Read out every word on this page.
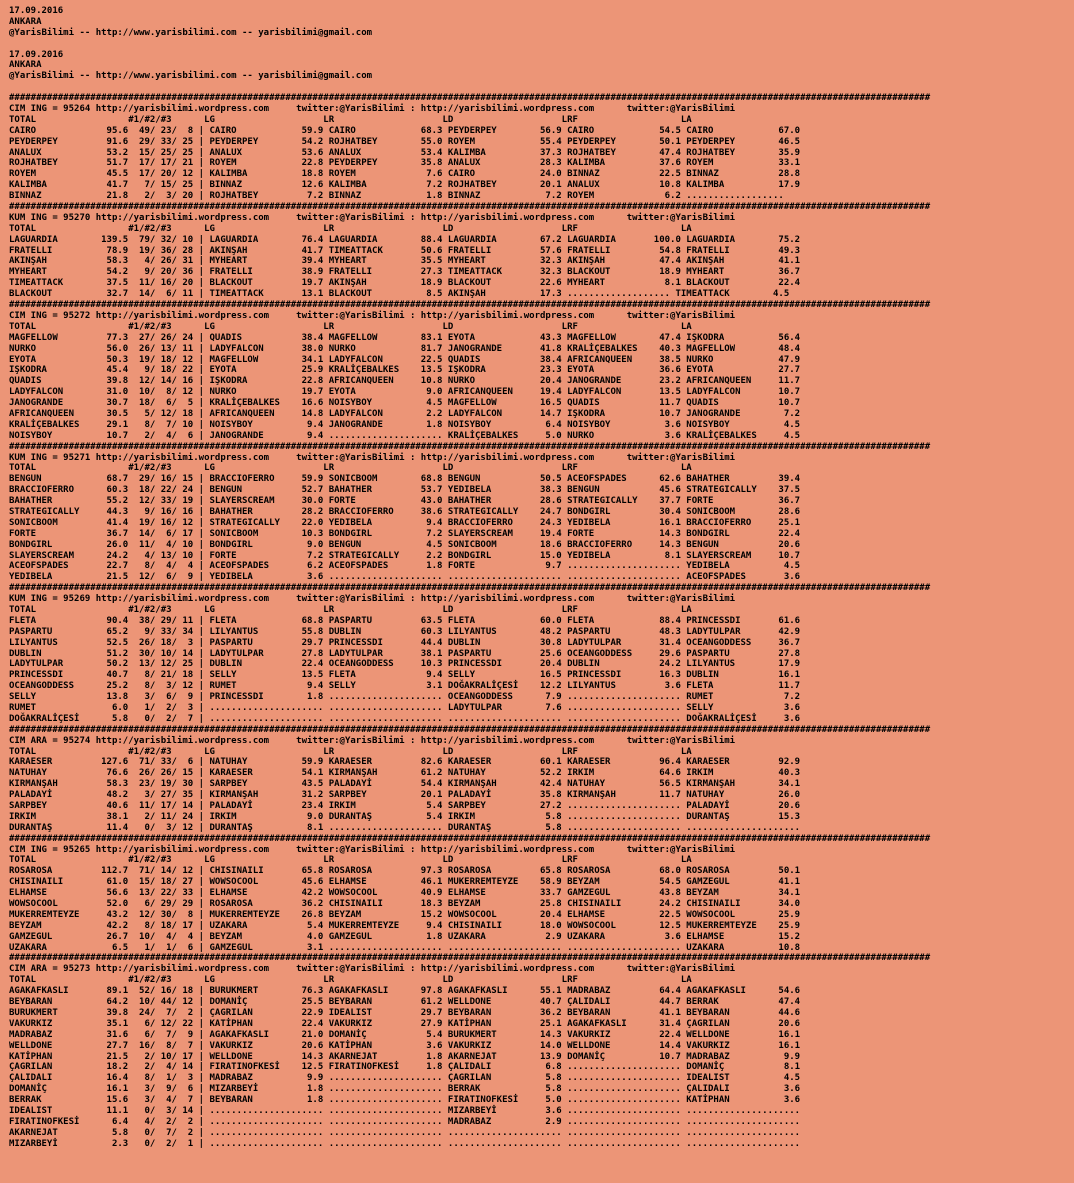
17.09.2016
ANKARA
@YarisBilimi -- http://www.yarisbilimi.com -- yarisbilimi@gmail.com

17.09.2016
ANKARA
@YarisBilimi -- http://www.yarisbilimi.com -- yarisbilimi@gmail.com

##########################################################################################################################################################################
CIM ING = 95264 http://yarisbilimi.wordpress.com     twitter:@YarisBilimi : http://yarisbilimi.wordpress.com      twitter:@YarisBilimi
TOTAL                 #1/#2/#3      LG                    LR                    LD                    LRF                   LA
CAIRO             95.6  49/ 23/  8 | CAIRO            59.9 CAIRO            68.3 PEYDERPEY        56.9 CAIRO            54.5 CAIRO            67.0
PEYDERPEY         91.6  29/ 33/ 25 | PEYDERPEY        54.2 ROJHATBEY        55.0 ROYEM            55.4 PEYDERPEY        50.1 PEYDERPEY        46.5
ANALUX            53.2  15/ 25/ 25 | ANALUX           53.6 ANALUX           53.4 KALIMBA          37.3 ROJHATBEY        47.4 ROJHATBEY        35.9
ROJHATBEY         51.7  17/ 17/ 21 | ROYEM            22.8 PEYDERPEY        35.8 ANALUX           28.3 KALIMBA          37.6 ROYEM            33.1
ROYEM             45.5  17/ 20/ 12 | KALIMBA          18.8 ROYEM             7.6 CAIRO            24.0 BINNAZ           22.5 BINNAZ           28.8
KALIMBA           41.7   7/ 15/ 25 | BINNAZ           12.6 KALIMBA           7.2 ROJHATBEY        20.1 ANALUX           10.8 KALIMBA          17.9
BINNAZ            21.8   2/  3/ 20 | ROJHATBEY         7.2 BINNAZ            1.8 BINNAZ            7.2 ROYEM             6.2 ..................
##########################################################################################################################################################################
KUM ING = 95270 http://yarisbilimi.wordpress.com     twitter:@YarisBilimi : http://yarisbilimi.wordpress.com      twitter:@YarisBilimi
TOTAL                 #1/#2/#3      LG                    LR                    LD                    LRF                   LA
LAGUARDIA        139.5  79/ 32/ 10 | LAGUARDIA        76.4 LAGUARDIA        88.4 LAGUARDIA        67.2 LAGUARDIA       100.0 LAGUARDIA        75.2
FRATELLI          78.9  19/ 36/ 28 | AKINŞAH          41.7 TIMEATTACK       50.6 FRATELLI         57.6 FRATELLI         54.8 FRATELLI         49.3
AKINŞAH           58.3   4/ 26/ 31 | MYHEART          39.4 MYHEART          35.5 MYHEART          32.3 AKINŞAH          47.4 AKINŞAH          41.1
MYHEART           54.2   9/ 20/ 36 | FRATELLI         38.9 FRATELLI         27.3 TIMEATTACK       32.3 BLACKOUT         18.9 MYHEART          36.7
TIMEATTACK        37.5  11/ 16/ 20 | BLACKOUT         19.7 AKINŞAH          18.9 BLACKOUT         22.6 MYHEART           8.1 BLACKOUT         22.4
BLACKOUT          32.7  14/  6/ 11 | TIMEATTACK       13.1 BLACKOUT          8.5 AKINŞAH          17.3 ................... TIMEATTACK        4.5
##########################################################################################################################################################################
CIM ING = 95272 http://yarisbilimi.wordpress.com     twitter:@YarisBilimi : http://yarisbilimi.wordpress.com      twitter:@YarisBilimi
TOTAL                 #1/#2/#3      LG                    LR                    LD                    LRF                   LA
MAGFELLOW         77.3  27/ 26/ 24 | QUADIS           38.4 MAGFELLOW        83.1 EYOTA            43.3 MAGFELLOW        47.4 IŞKODRA          56.4
NURKO             56.0  26/ 13/ 11 | LADYFALCON       38.0 NURKO            81.7 JANOGRANDE       41.8 KRALİÇEBALKES    40.3 MAGFELLOW        48.4
EYOTA             50.3  19/ 18/ 12 | MAGFELLOW        34.1 LADYFALCON       22.5 QUADIS           38.4 AFRICANQUEEN     38.5 NURKO            47.9
IŞKODRA           45.4   9/ 18/ 22 | EYOTA            25.9 KRALİÇEBALKES    13.5 IŞKODRA          23.3 EYOTA            36.6 EYOTA            27.7
QUADIS            39.8  12/ 14/ 16 | IŞKODRA          22.8 AFRICANQUEEN     10.8 NURKO            20.4 JANOGRANDE       23.2 AFRICANQUEEN     11.7
LADYFALCON        31.0  10/  8/ 12 | NURKO            19.7 EYOTA             9.0 AFRICANQUEEN     19.4 LADYFALCON       13.5 LADYFALCON       10.7
JANOGRANDE        30.7  18/  6/  5 | KRALİÇEBALKES    16.6 NOISYBOY          4.5 MAGFELLOW        16.5 QUADIS           11.7 QUADIS           10.7
AFRICANQUEEN      30.5   5/ 12/ 18 | AFRICANQUEEN     14.8 LADYFALCON        2.2 LADYFALCON       14.7 IŞKODRA          10.7 JANOGRANDE        7.2
KRALİÇEBALKES     29.1   8/  7/ 10 | NOISYBOY          9.4 JANOGRANDE        1.8 NOISYBOY          6.4 NOISYBOY          3.6 NOISYBOY          4.5
NOISYBOY          10.7   2/  4/  6 | JANOGRANDE        9.4 ..................... KRALİÇEBALKES     5.0 NURKO             3.6 KRALİÇEBALKES     4.5
##########################################################################################################################################################################
KUM ING = 95271 http://yarisbilimi.wordpress.com     twitter:@YarisBilimi : http://yarisbilimi.wordpress.com      twitter:@YarisBilimi
TOTAL                 #1/#2/#3      LG                    LR                    LD                    LRF                   LA
BENGUN            68.7  29/ 16/ 15 | BRACCIOFERRO     59.9 SONICBOOM        68.8 BENGUN           50.5 ACEOFSPADES      62.6 BAHATHER         39.4
BRACCIOFERRO      60.3  18/ 22/ 24 | BENGUN           52.7 BAHATHER         53.7 YEDIBELA         38.3 BENGUN           45.6 STRATEGICALLY    37.5
BAHATHER          55.2  12/ 33/ 19 | SLAYERSCREAM     30.0 FORTE            43.0 BAHATHER         28.6 STRATEGICALLY    37.7 FORTE            36.7
STRATEGICALLY     44.3   9/ 16/ 16 | BAHATHER         28.2 BRACCIOFERRO     38.6 STRATEGICALLY    24.7 BONDGIRL         30.4 SONICBOOM        28.6
SONICBOOM         41.4  19/ 16/ 12 | STRATEGICALLY    22.0 YEDIBELA          9.4 BRACCIOFERRO     24.3 YEDIBELA         16.1 BRACCIOFERRO     25.1
FORTE             36.7  14/  6/ 17 | SONICBOOM        10.3 BONDGIRL          7.2 SLAYERSCREAM     19.4 FORTE            14.3 BONDGIRL         22.4
BONDGIRL          26.0  11/  4/ 10 | BONDGIRL          9.0 BENGUN            4.5 SONICBOOM        18.6 BRACCIOFERRO     14.3 BENGUN           20.6
SLAYERSCREAM      24.2   4/ 13/ 10 | FORTE             7.2 STRATEGICALLY     2.2 BONDGIRL         15.0 YEDIBELA          8.1 SLAYERSCREAM     10.7
ACEOFSPADES       22.7   8/  4/  4 | ACEOFSPADES       6.2 ACEOFSPADES       1.8 FORTE             9.7 ..................... YEDIBELA          4.5
YEDIBELA          21.5  12/  6/  9 | YEDIBELA          3.6 ..................... ..................... ..................... ACEOFSPADES       3.6
##########################################################################################################################################################################
KUM ING = 95269 http://yarisbilimi.wordpress.com     twitter:@YarisBilimi : http://yarisbilimi.wordpress.com      twitter:@YarisBilimi
TOTAL                 #1/#2/#3      LG                    LR                    LD                    LRF                   LA
FLETA             90.4  38/ 29/ 11 | FLETA            68.8 PASPARTU         63.5 FLETA            60.0 FLETA            88.4 PRINCESSDI       61.6
PASPARTU          65.2   9/ 33/ 34 | LILYANTUS        55.8 DUBLIN           60.3 LILYANTUS        48.2 PASPARTU         48.3 LADYTULPAR       42.9
LILYANTUS         52.5  26/ 18/  3 | PASPARTU         29.7 PRINCESSDI       44.4 DUBLIN           30.8 LADYTULPAR       31.4 OCEANGODDESS     36.7
DUBLIN            51.2  30/ 10/ 14 | LADYTULPAR       27.8 LADYTULPAR       38.1 PASPARTU         25.6 OCEANGODDESS     29.6 PASPARTU         27.8
LADYTULPAR        50.2  13/ 12/ 25 | DUBLIN           22.4 OCEANGODDESS     10.3 PRINCESSDI       20.4 DUBLIN           24.2 LILYANTUS        17.9
PRINCESSDI        40.7   8/ 21/ 18 | SELLY            13.5 FLETA             9.4 SELLY            16.5 PRINCESSDI       16.3 DUBLIN           16.1
OCEANGODDESS      25.2   8/  3/ 12 | RUMET             9.4 SELLY             3.1 DOĞAKRALİÇESİ    12.2 LILYANTUS         3.6 FLETA            11.7
SELLY             13.8   3/  6/  9 | PRINCESSDI        1.8 ..................... OCEANGODDESS      7.9 ..................... RUMET             7.2
RUMET              6.0   1/  2/  3 | ..................... ..................... LADYTULPAR        7.6 ..................... SELLY             3.6
DOĞAKRALİÇESİ      5.8   0/  2/  7 | ..................... ..................... ..................... ..................... DOĞAKRALİÇESİ     3.6
##########################################################################################################################################################################
CIM ARA = 95274 http://yarisbilimi.wordpress.com     twitter:@YarisBilimi : http://yarisbilimi.wordpress.com      twitter:@YarisBilimi
TOTAL                 #1/#2/#3      LG                    LR                    LD                    LRF                   LA
KARAESER         127.6  71/ 33/  6 | NATUHAY          59.9 KARAESER         82.6 KARAESER         60.1 KARAESER         96.4 KARAESER         92.9
NATUHAY           76.6  26/ 26/ 15 | KARAESER         54.1 KIRMANŞAH        61.2 NATUHAY          52.2 IRKIM            64.6 IRKIM            40.3
KIRMANŞAH         58.3  23/ 19/ 30 | SARPBEY          43.5 PALADAYİ         54.4 KIRMANŞAH        42.4 NATUHAY          56.5 KIRMANŞAH        34.1
PALADAYİ          48.2   3/ 27/ 35 | KIRMANŞAH        31.2 SARPBEY          20.1 PALADAYİ         35.8 KIRMANŞAH        11.7 NATUHAY          26.0
SARPBEY           40.6  11/ 17/ 14 | PALADAYİ         23.4 IRKIM             5.4 SARPBEY          27.2 ..................... PALADAYİ         20.6
IRKIM             38.1   2/ 11/ 24 | IRKIM             9.0 DURANTAŞ          5.4 IRKIM             5.8 ..................... DURANTAŞ         15.3
DURANTAŞ          11.4   0/  3/ 12 | DURANTAŞ          8.1 ..................... DURANTAŞ          5.8 ..................... .....................
##########################################################################################################################################################################
CIM ING = 95265 http://yarisbilimi.wordpress.com     twitter:@YarisBilimi : http://yarisbilimi.wordpress.com      twitter:@YarisBilimi
TOTAL                 #1/#2/#3      LG                    LR                    LD                    LRF                   LA
ROSAROSA         112.7  71/ 14/ 12 | CHISINAILI       65.8 ROSAROSA         97.3 ROSAROSA         65.8 ROSAROSA         68.0 ROSAROSA         50.1
CHISINAILI        61.0  15/ 18/ 27 | WOWSOCOOL        45.6 ELHAMSE          46.1 MUKERREMTEYZE    58.9 BEYZAM           54.5 GAMZEGUL         41.1
ELHAMSE           56.6  13/ 22/ 33 | ELHAMSE          42.2 WOWSOCOOL        40.9 ELHAMSE          33.7 GAMZEGUL         43.8 BEYZAM           34.1
WOWSOCOOL         52.0   6/ 29/ 29 | ROSAROSA         36.2 CHISINAILI       18.3 BEYZAM           25.8 CHISINAILI       24.2 CHISINAILI       34.0
MUKERREMTEYZE     43.2  12/ 30/  8 | MUKERREMTEYZE    26.8 BEYZAM           15.2 WOWSOCOOL        20.4 ELHAMSE          22.5 WOWSOCOOL        25.9
BEYZAM            42.2   8/ 18/ 17 | UZAKARA           5.4 MUKERREMTEYZE     9.4 CHISINAILI       18.0 WOWSOCOOL        12.5 MUKERREMTEYZE    25.9
GAMZEGUL          26.7  10/  4/  4 | BEYZAM            4.0 GAMZEGUL          1.8 UZAKARA           2.9 UZAKARA           3.6 ELHAMSE          15.2
UZAKARA            6.5   1/  1/  6 | GAMZEGUL          3.1 ..................... ..................... ..................... UZAKARA          10.8
##########################################################################################################################################################################
CIM ARA = 95273 http://yarisbilimi.wordpress.com     twitter:@YarisBilimi : http://yarisbilimi.wordpress.com      twitter:@YarisBilimi
TOTAL                 #1/#2/#3      LG                    LR                    LD                    LRF                   LA
AGAKAFKASLI       89.1  52/ 16/ 18 | BURUKMERT        76.3 AGAKAFKASLI      97.8 AGAKAFKASLI      55.1 MADRABAZ         64.4 AGAKAFKASLI      54.6
BEYBARAN          64.2  10/ 44/ 12 | DOMANİÇ          25.5 BEYBARAN         61.2 WELLDONE         40.7 ÇALIDALI         44.7 BERRAK           47.4
BURUKMERT         39.8  24/  7/  2 | ÇAGRILAN         22.9 IDEALIST         29.7 BEYBARAN         36.2 BEYBARAN         41.1 BEYBARAN         44.6
VAKURKIZ          35.1   6/ 12/ 22 | KATİPHAN         22.4 VAKURKIZ         27.9 KATİPHAN         25.1 AGAKAFKASLI      31.4 ÇAGRILAN         20.6
MADRABAZ          31.6   6/  7/  9 | AGAKAFKASLI      21.0 DOMANİÇ           5.4 BURUKMERT        14.3 VAKURKIZ         22.4 WELLDONE         16.1
WELLDONE          27.7  16/  8/  7 | VAKURKIZ         20.6 KATİPHAN          3.6 VAKURKIZ         14.0 WELLDONE         14.4 VAKURKIZ         16.1
KATİPHAN          21.5   2/ 10/ 17 | WELLDONE         14.3 AKARNEJAT         1.8 AKARNEJAT        13.9 DOMANİÇ          10.7 MADRABAZ          9.9
ÇAGRILAN          18.2   2/  4/ 14 | FIRATINOFKESİ    12.5 FIRATINOFKESİ     1.8 ÇALIDALI          6.8 ..................... DOMANİÇ           8.1
ÇALIDALI          16.4   8/  1/  3 | MADRABAZ          9.9 ..................... ÇAGRILAN          5.8 ..................... IDEALIST          4.5
DOMANİÇ           16.1   3/  9/  6 | MIZARBEYİ         1.8 ..................... BERRAK            5.8 ..................... ÇALIDALI          3.6
BERRAK            15.6   3/  4/  7 | BEYBARAN          1.8 ..................... FIRATINOFKESİ     5.0 ..................... KATİPHAN          3.6
IDEALIST          11.1   0/  3/ 14 | ..................... ..................... MIZARBEYİ         3.6 ..................... .....................
FIRATINOFKESİ      6.4   4/  2/  2 | ..................... ..................... MADRABAZ          2.9 ..................... .....................
AKARNEJAT          5.8   0/  7/  2 | ..................... ..................... ..................... ..................... .....................
MIZARBEYİ          2.3   0/  2/  1 | ..................... ..................... ..................... ..................... .....................
